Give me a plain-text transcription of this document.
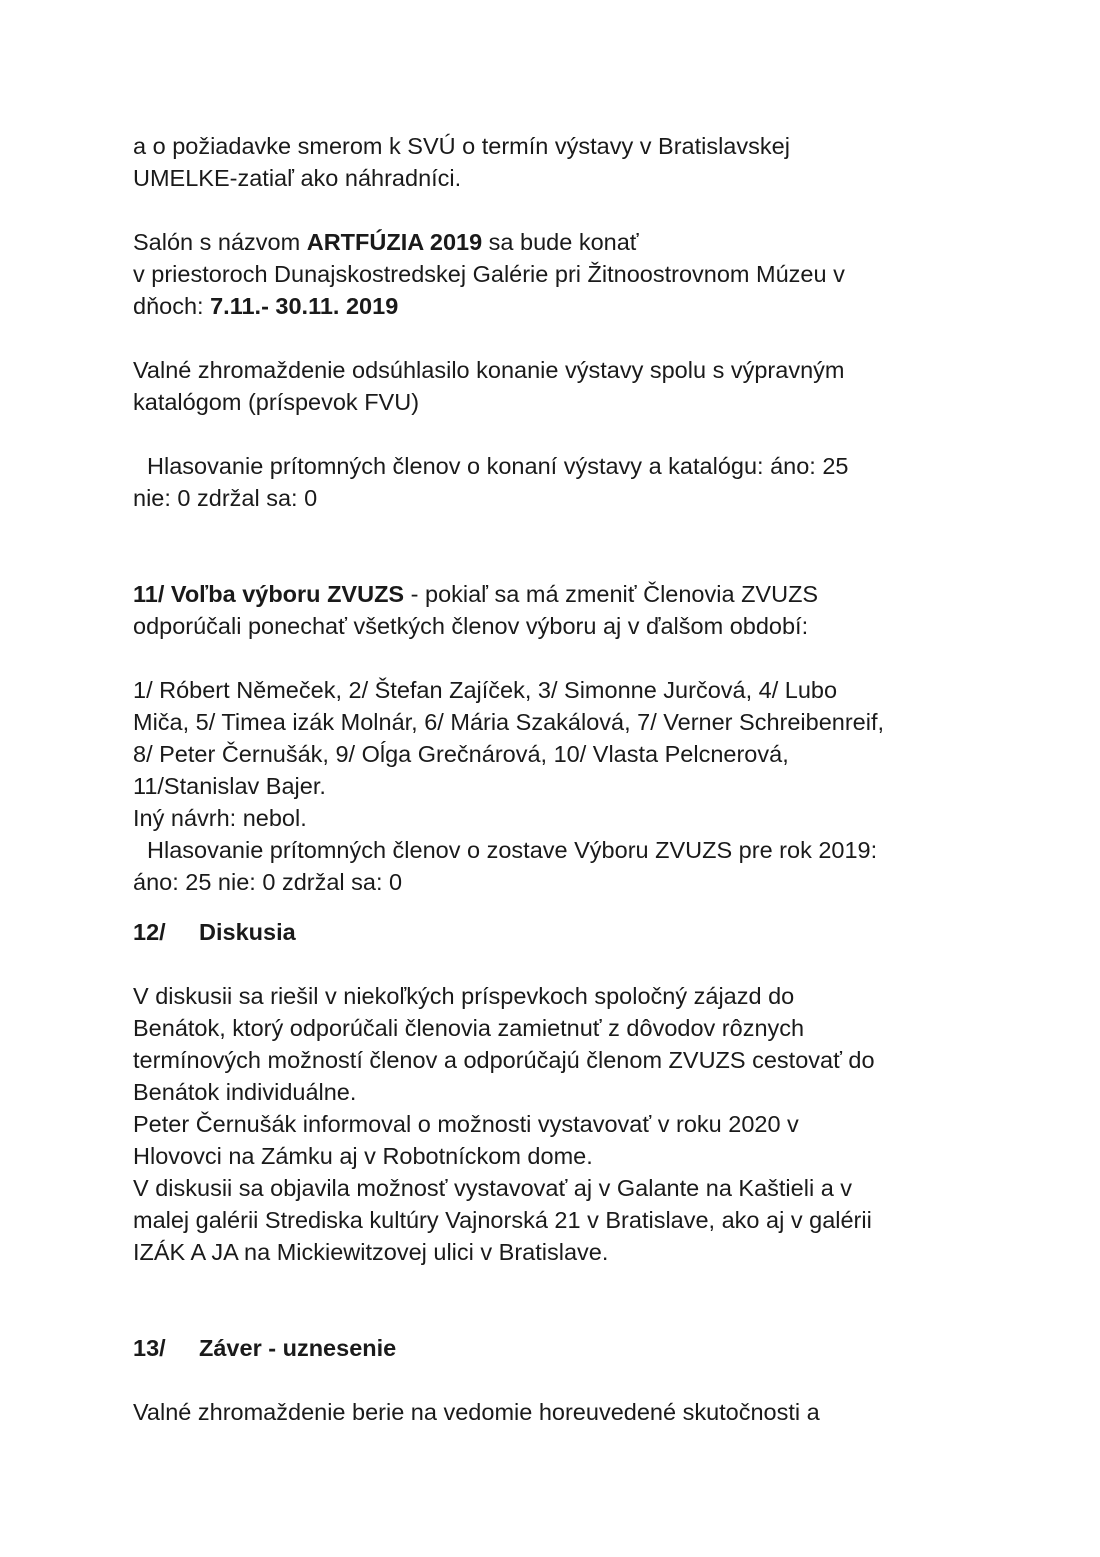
a o požiadavke smerom k SVÚ o termín výstavy v Bratislavskej
UMELKE-zatiaľ ako náhradníci.
Salón s názvom ARTFÚZIA 2019 sa bude konať
v priestoroch Dunajskostredskej Galérie pri Žitnoostrovnom Múzeu v
dňoch: 7.11.- 30.11. 2019
Valné zhromaždenie odsúhlasilo konanie výstavy spolu s výpravným
katalógom (príspevok FVU)
Hlasovanie prítomných členov o konaní výstavy a katalógu: áno: 25
nie: 0 zdržal sa: 0
11/ Voľba výboru ZVUZS - pokiaľ sa má zmeniť Členovia ZVUZS
odporúčali ponechať všetkých členov výboru aj v ďalšom období:
1/ Róbert Němeček, 2/ Štefan Zajíček, 3/ Simonne Jurčová, 4/ Lubo
Miča, 5/ Timea izák Molnár, 6/ Mária Szakálová, 7/ Verner Schreibenreif,
8/ Peter Černušák, 9/ Oĺga Grečnárová, 10/ Vlasta Pelcnerová,
11/Stanislav Bajer.
Iný návrh: nebol.
Hlasovanie prítomných členov o zostave Výboru ZVUZS pre rok 2019:
áno: 25 nie: 0 zdržal sa: 0
12/ Diskusia
V diskusii sa riešil v niekoľkých príspevkoch spoločný zájazd do
Benátok, ktorý odporúčali členovia zamietnuť z dôvodov rôznych
termínových možností členov a odporúčajú členom ZVUZS cestovať do
Benátok individuálne.
Peter Černušák informoval o možnosti vystavovať v roku 2020 v
Hlovovci na Zámku aj v Robotníckom dome.
V diskusii sa objavila možnosť vystavovať aj v Galante na Kaštieli a v
malej galérii Strediska kultúry Vajnorská 21 v Bratislave, ako aj v galérii
IZÁK A JA na Mickiewitzovej ulici v Bratislave.
13/ Záver - uznesenie
Valné zhromaždenie berie na vedomie horeuvedené skutočnosti a
